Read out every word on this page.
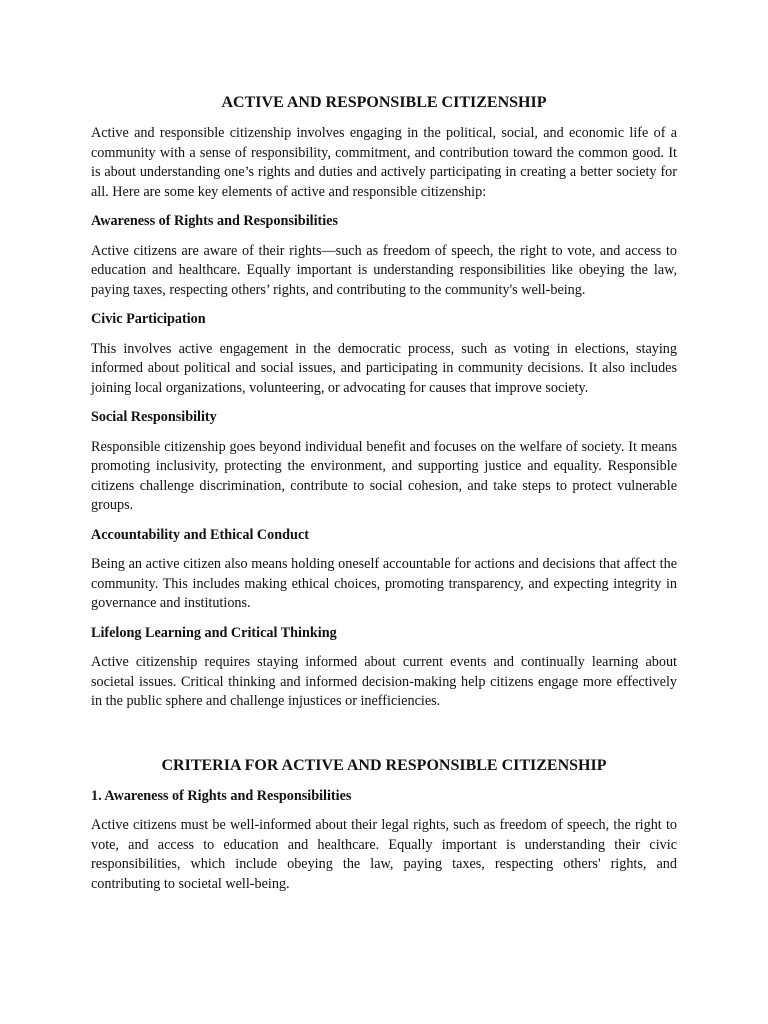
ACTIVE AND RESPONSIBLE CITIZENSHIP

Active and responsible citizenship involves engaging in the political, social, and economic life of a community with a sense of responsibility, commitment, and contribution toward the common good. It is about understanding one’s rights and duties and actively participating in creating a better society for all. Here are some key elements of active and responsible citizenship:

Awareness of Rights and Responsibilities

Active citizens are aware of their rights—such as freedom of speech, the right to vote, and access to education and healthcare. Equally important is understanding responsibilities like obeying the law, paying taxes, respecting others’ rights, and contributing to the community's well-being.

Civic Participation

This involves active engagement in the democratic process, such as voting in elections, staying informed about political and social issues, and participating in community decisions. It also includes joining local organizations, volunteering, or advocating for causes that improve society.

Social Responsibility

Responsible citizenship goes beyond individual benefit and focuses on the welfare of society. It means promoting inclusivity, protecting the environment, and supporting justice and equality. Responsible citizens challenge discrimination, contribute to social cohesion, and take steps to protect vulnerable groups.

Accountability and Ethical Conduct

Being an active citizen also means holding oneself accountable for actions and decisions that affect the community. This includes making ethical choices, promoting transparency, and expecting integrity in governance and institutions.

Lifelong Learning and Critical Thinking

Active citizenship requires staying informed about current events and continually learning about societal issues. Critical thinking and informed decision-making help citizens engage more effectively in the public sphere and challenge injustices or inefficiencies.

CRITERIA FOR ACTIVE AND RESPONSIBLE CITIZENSHIP
1. Awareness of Rights and Responsibilities

Active citizens must be well-informed about their legal rights, such as freedom of speech, the right to vote, and access to education and healthcare. Equally important is understanding their civic responsibilities, which include obeying the law, paying taxes, respecting others' rights, and contributing to societal well-being.
